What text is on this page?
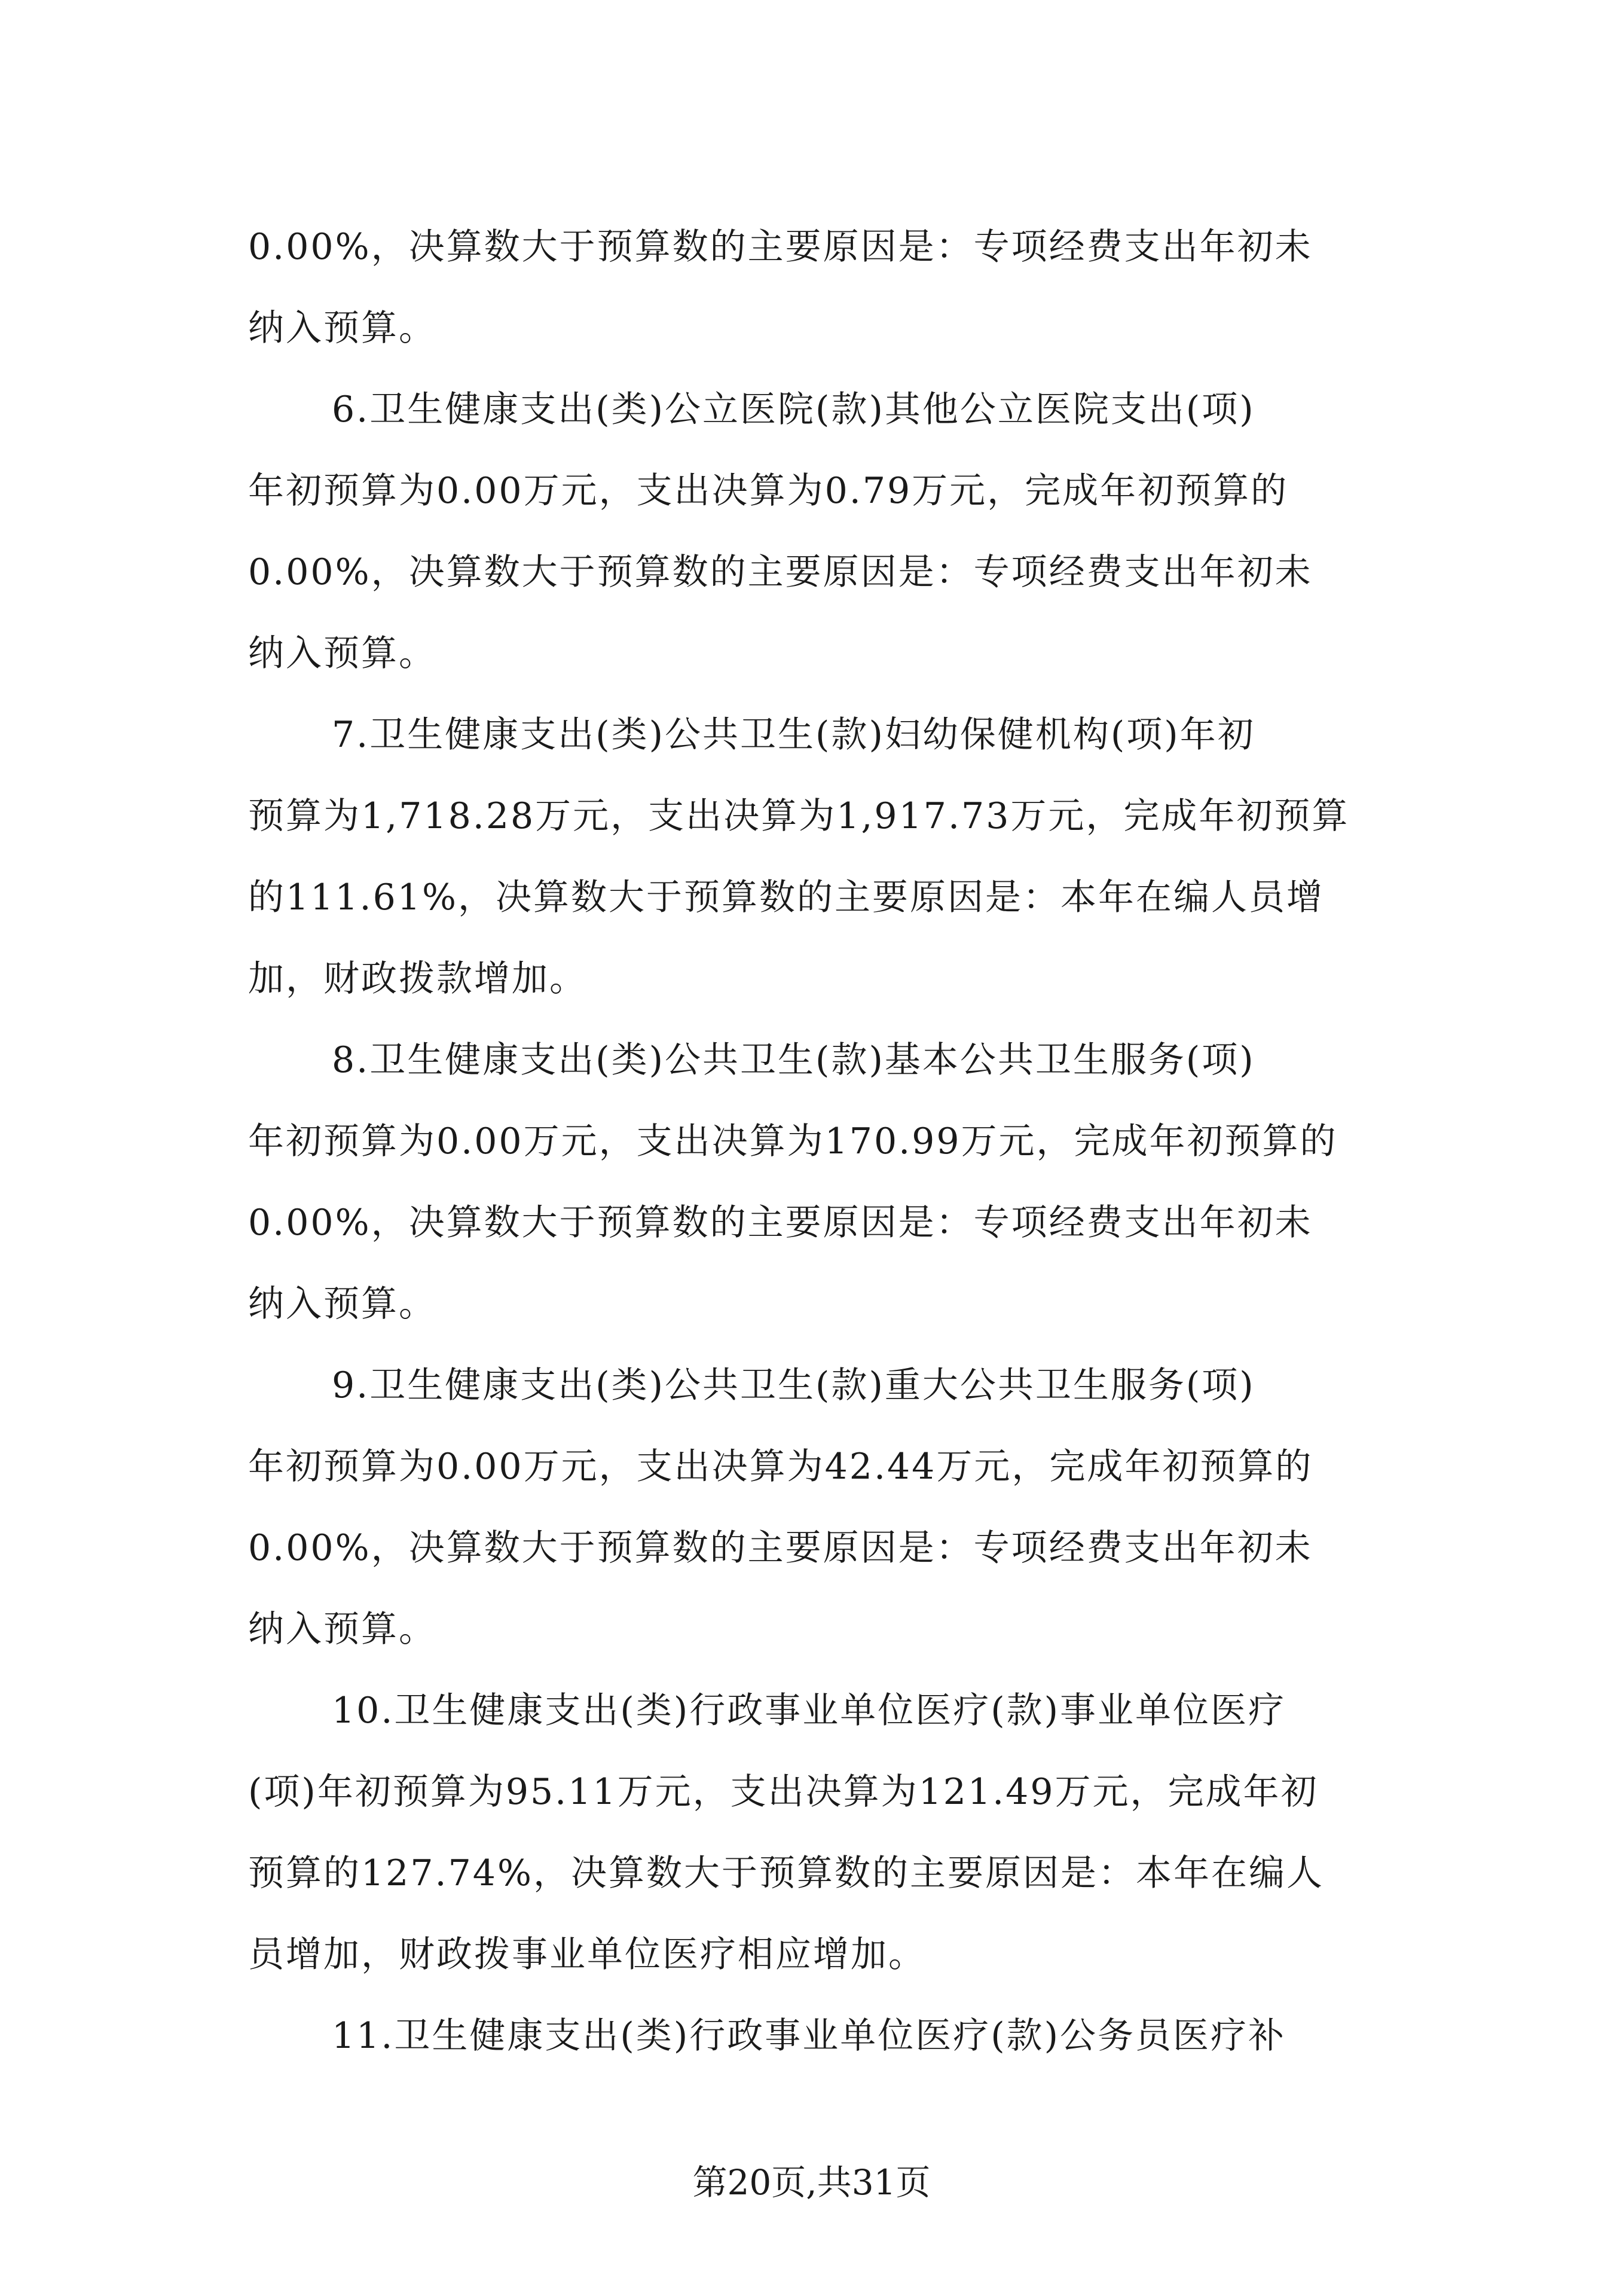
0.00%，决算数大于预算数的主要原因是：专项经费支出年初未
纳入预算。
6.卫生健康支出(类)公立医院(款)其他公立医院支出(项)
年初预算为0.00万元，支出决算为0.79万元，完成年初预算的
0.00%，决算数大于预算数的主要原因是：专项经费支出年初未
纳入预算。
7.卫生健康支出(类)公共卫生(款)妇幼保健机构(项)年初
预算为1,718.28万元，支出决算为1,917.73万元，完成年初预算
的111.61%，决算数大于预算数的主要原因是：本年在编人员增
加，财政拨款增加。
8.卫生健康支出(类)公共卫生(款)基本公共卫生服务(项)
年初预算为0.00万元，支出决算为170.99万元，完成年初预算的
0.00%，决算数大于预算数的主要原因是：专项经费支出年初未
纳入预算。
9.卫生健康支出(类)公共卫生(款)重大公共卫生服务(项)
年初预算为0.00万元，支出决算为42.44万元，完成年初预算的
0.00%，决算数大于预算数的主要原因是：专项经费支出年初未
纳入预算。
10.卫生健康支出(类)行政事业单位医疗(款)事业单位医疗
(项)年初预算为95.11万元，支出决算为121.49万元，完成年初
预算的127.74%，决算数大于预算数的主要原因是：本年在编人
员增加，财政拨事业单位医疗相应增加。
11.卫生健康支出(类)行政事业单位医疗(款)公务员医疗补
第20页,共31页
